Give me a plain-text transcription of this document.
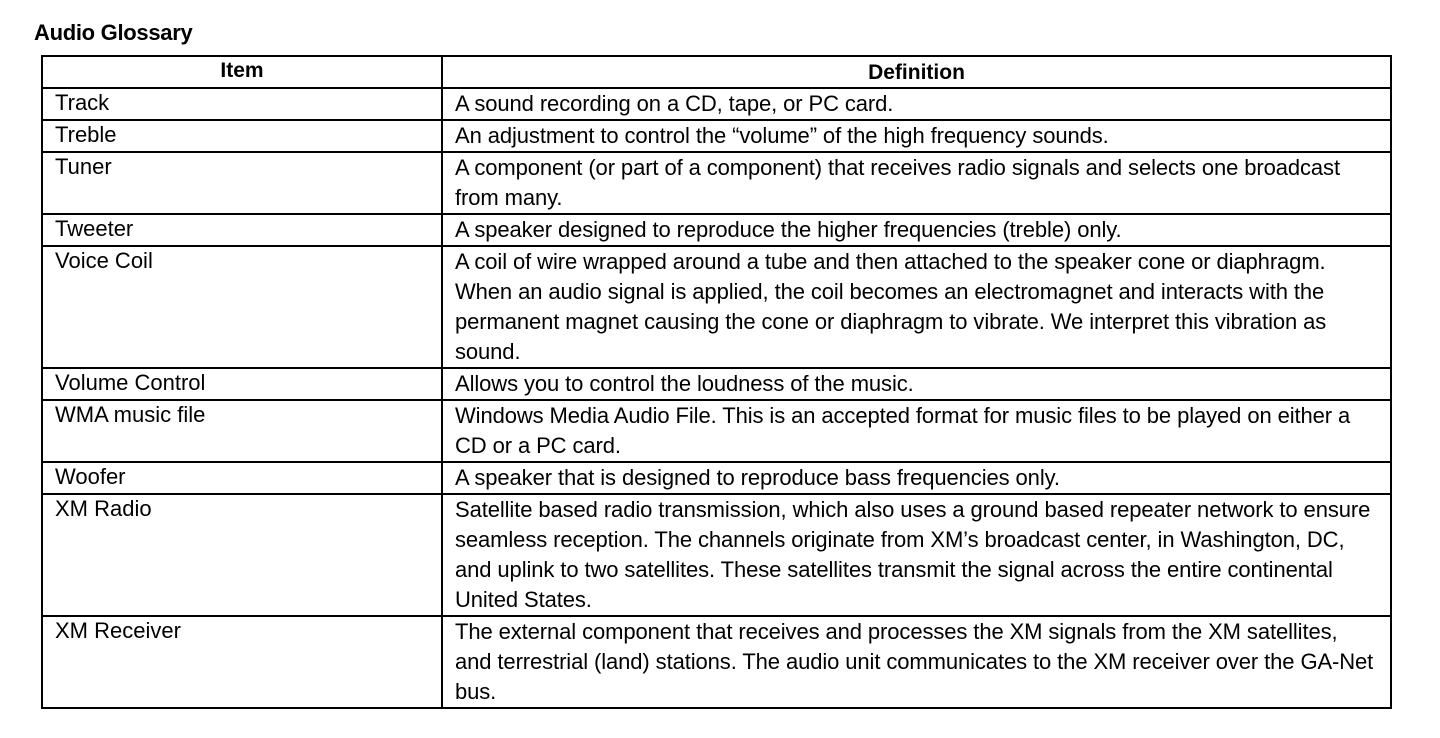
Audio Glossary
Item	Definition
Track	A sound recording on a CD, tape, or PC card.
Treble	An adjustment to control the “volume” of the high frequency sounds.
Tuner	A component (or part of a component) that receives radio signals and selects one broadcast from many.
Tweeter	A speaker designed to reproduce the higher frequencies (treble) only.
Voice Coil	A coil of wire wrapped around a tube and then attached to the speaker cone or diaphragm. When an audio signal is applied, the coil becomes an electromagnet and interacts with the permanent magnet causing the cone or diaphragm to vibrate. We interpret this vibration as sound.
Volume Control	Allows you to control the loudness of the music.
WMA music file	Windows Media Audio File. This is an accepted format for music files to be played on either a CD or a PC card.
Woofer	A speaker that is designed to reproduce bass frequencies only.
XM Radio	Satellite based radio transmission, which also uses a ground based repeater network to ensure seamless reception. The channels originate from XM’s broadcast center, in Washington, DC, and uplink to two satellites. These satellites transmit the signal across the entire continental United States.
XM Receiver	The external component that receives and processes the XM signals from the XM satellites, and terrestrial (land) stations. The audio unit communicates to the XM receiver over the GA-Net bus.
